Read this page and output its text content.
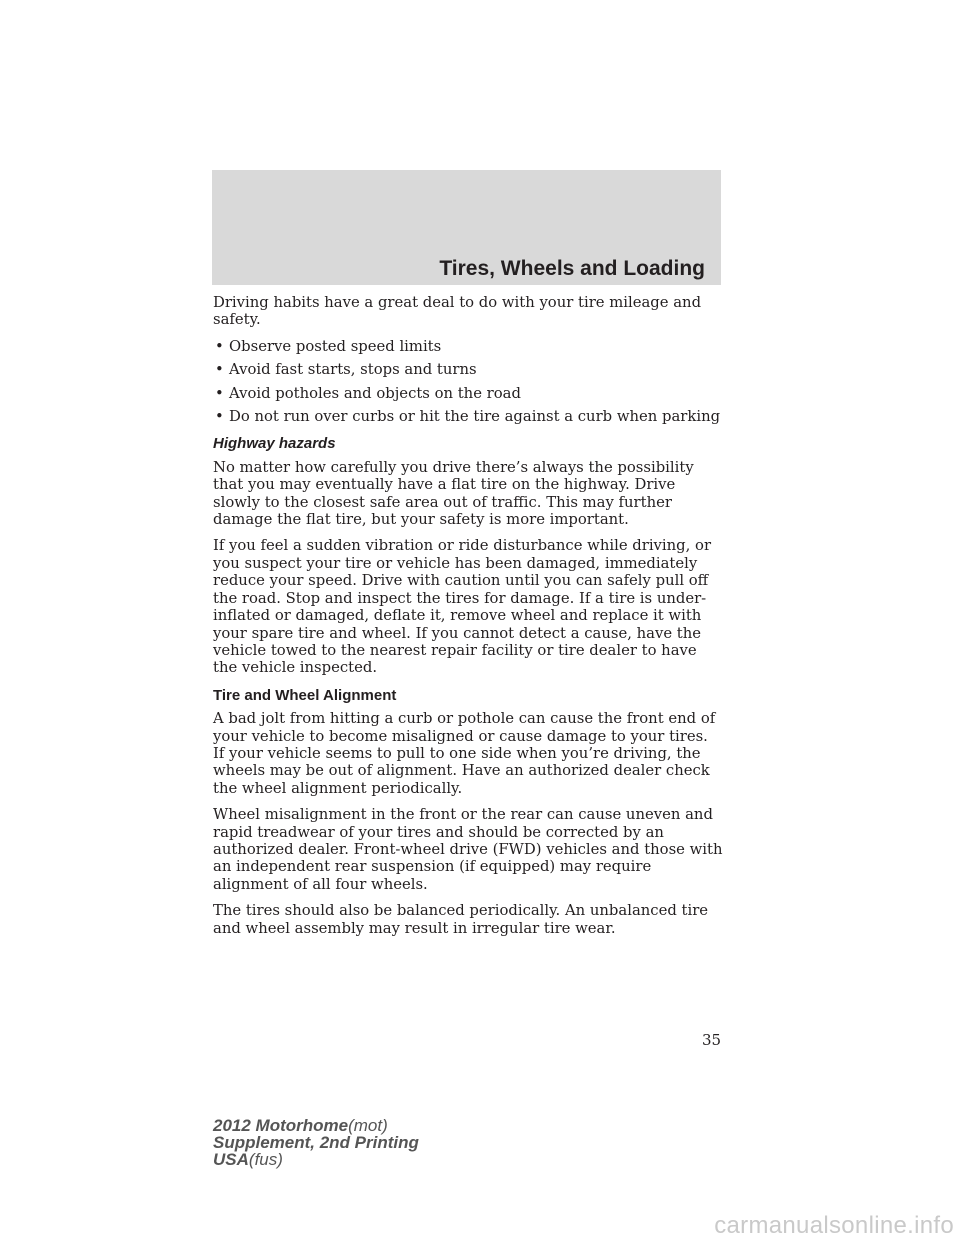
Tires, Wheels and Loading

Driving habits have a great deal to do with your tire mileage and safety.

• Observe posted speed limits
• Avoid fast starts, stops and turns
• Avoid potholes and objects on the road
• Do not run over curbs or hit the tire against a curb when parking
Highway hazards

No matter how carefully you drive there’s always the possibility that you may eventually have a flat tire on the highway. Drive slowly to the closest safe area out of traffic. This may further damage the flat tire, but your safety is more important.

If you feel a sudden vibration or ride disturbance while driving, or you suspect your tire or vehicle has been damaged, immediately reduce your speed. Drive with caution until you can safely pull off the road. Stop and inspect the tires for damage. If a tire is under-inflated or damaged, deflate it, remove wheel and replace it with your spare tire and wheel. If you cannot detect a cause, have the vehicle towed to the nearest repair facility or tire dealer to have the vehicle inspected.

Tire and Wheel Alignment

A bad jolt from hitting a curb or pothole can cause the front end of your vehicle to become misaligned or cause damage to your tires. If your vehicle seems to pull to one side when you’re driving, the wheels may be out of alignment. Have an authorized dealer check the wheel alignment periodically.

Wheel misalignment in the front or the rear can cause uneven and rapid treadwear of your tires and should be corrected by an authorized dealer. Front-wheel drive (FWD) vehicles and those with an independent rear suspension (if equipped) may require alignment of all four wheels.

The tires should also be balanced periodically. An unbalanced tire and wheel assembly may result in irregular tire wear.

35
2012 Motorhome(mot)
Supplement, 2nd Printing
USA(fus)
carmanualsonline.info
